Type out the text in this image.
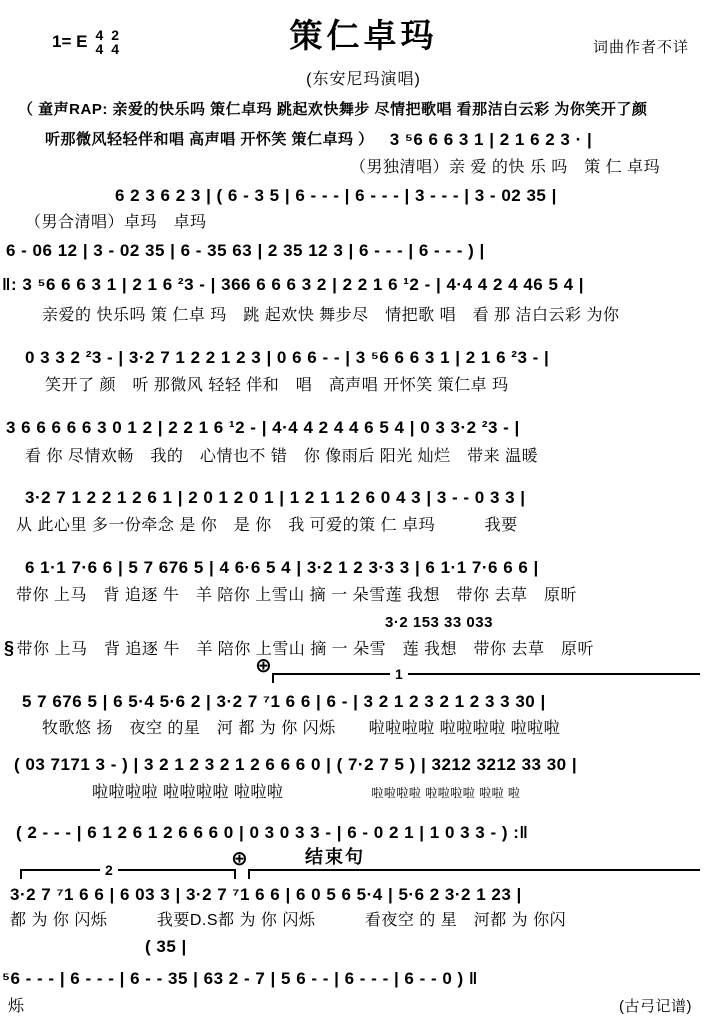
1= E 4
4
2
4	策仁卓玛	词曲作者不详
(东安尼玛演唱)
（ 童声RAP: 亲爱的快乐吗 策仁卓玛 跳起欢快舞步 尽情把歌唱 看那洁白云彩 为你笑开了颜
听那微风轻轻伴和唱 高声唱 开怀笑 策仁卓玛 ） 3 ⁵6 6 6 3 1 | 2 1 6 2 3 · |
（男独清唱）亲 爱 的快 乐 吗　策 仁 卓玛
6 2 3 6 2 3 | ( 6 - 3 5 | 6 - - - | 6 - - - | 3 - - - | 3 - 02 35 |
（男合清唱）卓玛　卓玛
6 - 06 12 | 3 - 02 35 | 6 - 35 63 | 2 35 12 3 | 6 - - - | 6 - - - ) |
‖: 3 ⁵6 6 6 3 1 | 2 1 6 ²3 - | 366 6 6 6 3 2 | 2 2 1 6 ¹2 - | 4·4 4 2 4 46 5 4 |
亲爱的 快乐吗 策 仁卓 玛　跳 起欢快 舞步尽　情把歌 唱　看 那 洁白云彩 为你
0 3 3 2 ²3 - | 3·2 7 1 2 2 1 2 3 | 0 6 6 - - | 3 ⁵6 6 6 3 1 | 2 1 6 ²3 - |
笑开了 颜　听 那微风 轻轻 伴和　唱　高声唱 开怀笑 策仁卓 玛
3 6 6 6 6 6 3 0 1 2 | 2 2 1 6 ¹2 - | 4·4 4 2 4 4 6 5 4 | 0 3 3·2 ²3 - |
看 你 尽情欢畅　我的　心情也不 错　你 像雨后 阳光 灿烂　带来 温暖
3·2 7 1 2 2 1 2 6 1 | 2 0 1 2 0 1 | 1 2 1 1 2 6 0 4 3 | 3 - - 0 3 3 |
从 此心里 多一份牵念 是 你　是 你　我 可爱的策 仁 卓玛　　　我要
6 1·1 7·6 6 | 5 7 676 5 | 4 6·6 5 4 | 3·2 1 2 3·3 3 | 6 1·1 7·6 6 6 |
带你 上马　背 追逐 牛　羊 陪你 上雪山 摘 一 朵雪莲 我想　带你 去草　原昕
3·2 153 33 033
§ 带你 上马　背 追逐 牛　羊 陪你 上雪山 摘 一 朵雪　莲 我想　带你 去草　原听
⊕	1
5 7 676 5 | 6 5·4 5·6 2 | 3·2 7 ⁷1 6 6 | 6 - | 3 2 1 2 3 2 1 2 3 3 30 |
牧歌悠 扬　夜空 的星　河 都 为 你 闪烁　　啦啦啦啦 啦啦啦啦 啦啦啦
( 03 7171 3 - ) | 3 2 1 2 3 2 1 2 6 6 6 0 | ( 7·2 7 5 ) | 3212 3212 33 30 |
啦啦啦啦 啦啦啦啦 啦啦啦	啦啦啦啦 啦啦啦啦 啦啦 啦
( 2 - - - | 6 1 2 6 1 2 6 6 6 0 | 0 3 0 3 3 - | 6 - 0 2 1 | 1 0 3 3 - ) :‖
2	⊕	结束句
3·2 7 ⁷1 6 6 | 6 03 3 | 3·2 7 ⁷1 6 6 | 6 0 5 6 5·4 | 5·6 2 3·2 1 23 |
都 为 你 闪烁　　　我要D.S都 为 你 闪烁　　　看夜空 的 星　河都 为 你闪
( 35 |
⁵6 - - - | 6 - - - | 6 - - 35 | 63 2 - 7 | 5 6 - - | 6 - - - | 6 - - 0 ) ‖
烁	(古弓记谱)
